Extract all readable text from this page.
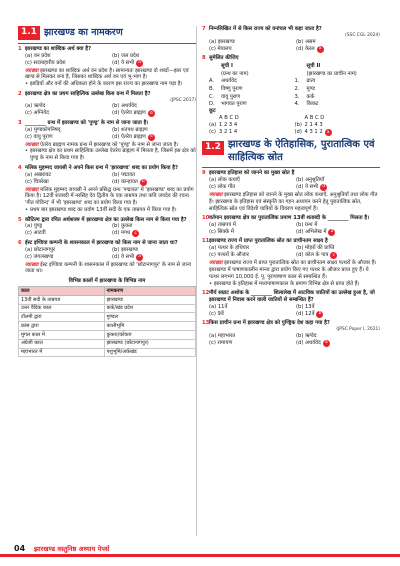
1.1 झारखण्ड का नामकरण
1 झारखण्ड का शाब्दिक अर्थ क्या है?
(a) वन प्रदेश	(b) जल प्रदेश
(c) सदाबहारीय प्रदेश	(d) ये सभी a
व्याख्या झारखण्ड का शाब्दिक अर्थ वन प्रदेश है। सामान्यतः झारखण्ड दो शब्दों—झार एवं खण्ड से मिलकर बना है, जिसका शाब्दिक अर्थ वन एवं भू-भाग है।
• झाड़ियों और वनों की अधिकता होने के कारण इस राज्य का झारखण्ड नाम पड़ा है।
2 झारखण्ड क्षेत्र का प्रथम साहित्यिक उल्लेख किस ग्रन्थ में मिलता है?
(JPSC 2017)
(a) ऋग्वेद	(b) अथर्ववेद
(c) अग्निवेद	(d) ऐतरेय ब्राह्मण d
3 ________ ग्रन्थ में झारखण्ड को 'पुण्ड्र' के नाम से जाना जाता है।
(a) मुण्डकोपनिषद्	(b) शतपथ ब्राह्मण
(c) वायु पुराण	(d) ऐतरेय ब्राह्मण d
व्याख्या ऐतरेय ब्राह्मण नामक ग्रन्थ में झारखण्ड को 'पुण्ड्र' के नाम से जाना जाता है।
• झारखण्ड क्षेत्र का प्रथम साहित्यिक उल्लेख ऐतरेय ब्राह्मण में मिलता है, जिसमें इस क्षेत्र को पुण्ड्र के नाम से किया गया है।
4 मलिक मुहम्मद जायसी ने अपने किस ग्रन्थ में 'झारखण्ड' शब्द का प्रयोग किया है?
(a) अखरावट	(b) पद्मावत
(c) चित्ररेखा	(d) कान्हावत b
व्याख्या मलिक मुहम्मद जायसी ने अपने प्रसिद्ध ग्रन्थ 'पद्मावत' में 'झारखण्ड' शब्द का प्रयोग किया है। 12वीं शताब्दी में नरसिंह देव द्वितीय के एक ताम्रपत्र तथा कवि जयदेव की रचना 'गीत गोविन्द' में भी 'झारखण्ड' शब्द का प्रयोग किया गया है।
• प्रथम बार झारखण्ड शब्द का प्रयोग 13वीं सदी के एक ताम्रपत्र में किया गया है।
5 कौटिल्य द्वारा रचित अर्थशास्त्र में झारखण्ड क्षेत्र का उल्लेख किस नाम से किया गया है?
(a) पुण्ड्र	(b) कुकरा
(c) आटवी	(d) मगध c
6 ईस्ट इण्डिया कम्पनी के शासनकाल में झारखण्ड को किस नाम से जाना जाता था?
(a) छोटानागपुर	(b) झारखण्ड
(c) जंगलखण्ड	(d) ये सभी a
व्याख्या ईस्ट इण्डिया कम्पनी के शासनकाल में झारखण्ड को 'छोटानागपुर' के नाम से जाना जाता था।
विभिन्न कालों में झारखण्ड के विभिन्न नाम
काल	नामकरण
13वीं सदी के ताम्रपत्र	झारखण्ड
उत्तर वैदिक काल	कर्क/खंड प्रदेश
टॉलमी द्वारा	मुण्डल
फ्रांस द्वारा	कालीभूमि
मुगल काल में	कुकरा/कोकरा
अंग्रेजी काल	झारखण्ड (छोटानागपुर)
महाभारत में	पशुभूमि/अर्कखंड
7 निम्नलिखित में से किस राज्य को वनांचल भी कहा जाता है?
(SSC CGL 2024)
(a) झारखण्ड	(b) असम
(c) मेघालय	(d) केरल a
8 सुमेलित कीजिए
सूची I	सूची II
(ग्रन्थ का नाम)	(झारखण्ड का प्राचीन नाम)
A.	अथर्ववेद	1.	व्रात्य
B.	विष्णु पुराण	2.	मुण्ड
C.	वायु पुराण	3.	कर्क
D.	भागवत पुराण	4.	किकट
कूट
A B C D	A B C D
(a) 1 2 3 4	(b) 2 1 4 3
(c) 3 2 1 4	(d) 4 3 1 2 a
1.2 झारखण्ड के ऐतिहासिक, पुरातात्विक एवं साहित्यिक स्रोत
9 झारखण्ड इतिहास को जानने का मुख्य स्रोत है
(a) लोक कथाएँ	(b) अनुश्रुतियाँ
(c) लोक गीत	(d) ये सभी d
व्याख्या झारखण्ड इतिहास को जानने के मुख्य स्रोत लोक कथाएँ, अनुश्रुतियाँ तथा लोक गीत हैं। झारखण्ड के इतिहास एवं संस्कृति का गहन अध्ययन करने हेतु पुरातात्विक स्रोत, साहित्यिक स्रोत एवं विदेशी यात्रियों के विवरण महत्वपूर्ण हैं।
10 वर्तमान झारखण्ड क्षेत्र का पुरातात्विक प्रमाण 13वीं शताब्दी के ________ मिलता है।
(a) ताम्रपत्र में	(b) ग्रन्थ में
(c) सिक्के में	(d) अभिलेख में a
11 झारखण्ड राज्य में प्राप्त पुरातात्विक स्रोत का प्राचीनतम साक्ष्य है
(a) पत्थर के हथियार	(b) मोहरों की प्राप्ति
(c) पत्थरों के औजार	(d) कोल के पात्र c
व्याख्या झारखण्ड राज्य में प्राप्त पुरातात्विक स्रोत का प्राचीनतम साक्ष्य पत्थरों के औजार हैं। झारखण्ड में पाषाणकालीन मानव द्वारा प्रयोग किए गए पत्थर के औजार प्राप्त हुए हैं। ये पत्थर लगभग 10,000 ई. पू. पुरापाषाण काल से सम्बन्धित हैं।
• झारखण्ड के इतिहास में मध्यपाषाणकाल के प्रमाण विभिन्न क्षेत्र से प्राप्त होते हैं।
12 मौर्य सम्राट अशोक के ________ शिलालेख में आटविक जातियों का उल्लेख हुआ है, जो झारखण्ड में निवास करने वाली जातियों से सम्बन्धित हैं?
(a) 11वें	(b) 13वें
(c) 9वें	(d) 12वें b
13 किस प्राचीन ग्रन्थ में झारखण्ड क्षेत्र को पुण्ड्रिक देश कहा गया है?
(JPSC Paper I, 2021)
(a) महाभारत	(b) ऋग्वेद
(c) रामायण	(d) अथर्ववेद a
04	झारखण्ड वस्तुनिष्ठ अध्याय पेपर्स
